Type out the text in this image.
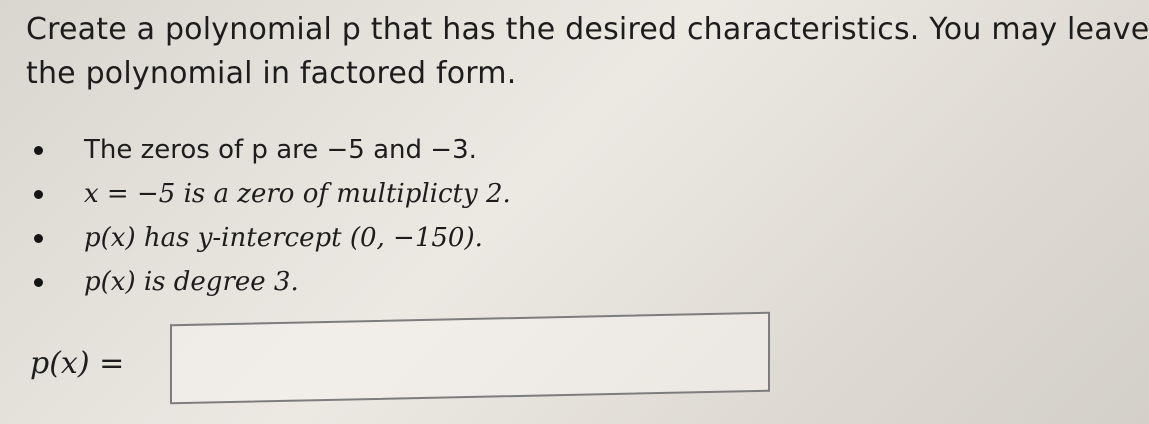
Create a polynomial p that has the desired characteristics. You may leave
the polynomial in factored form.
The zeros of p are −5 and −3.
x = −5 is a zero of multiplicty 2.
p(x) has y-intercept (0, −150).
p(x) is degree 3.
p(x) =
